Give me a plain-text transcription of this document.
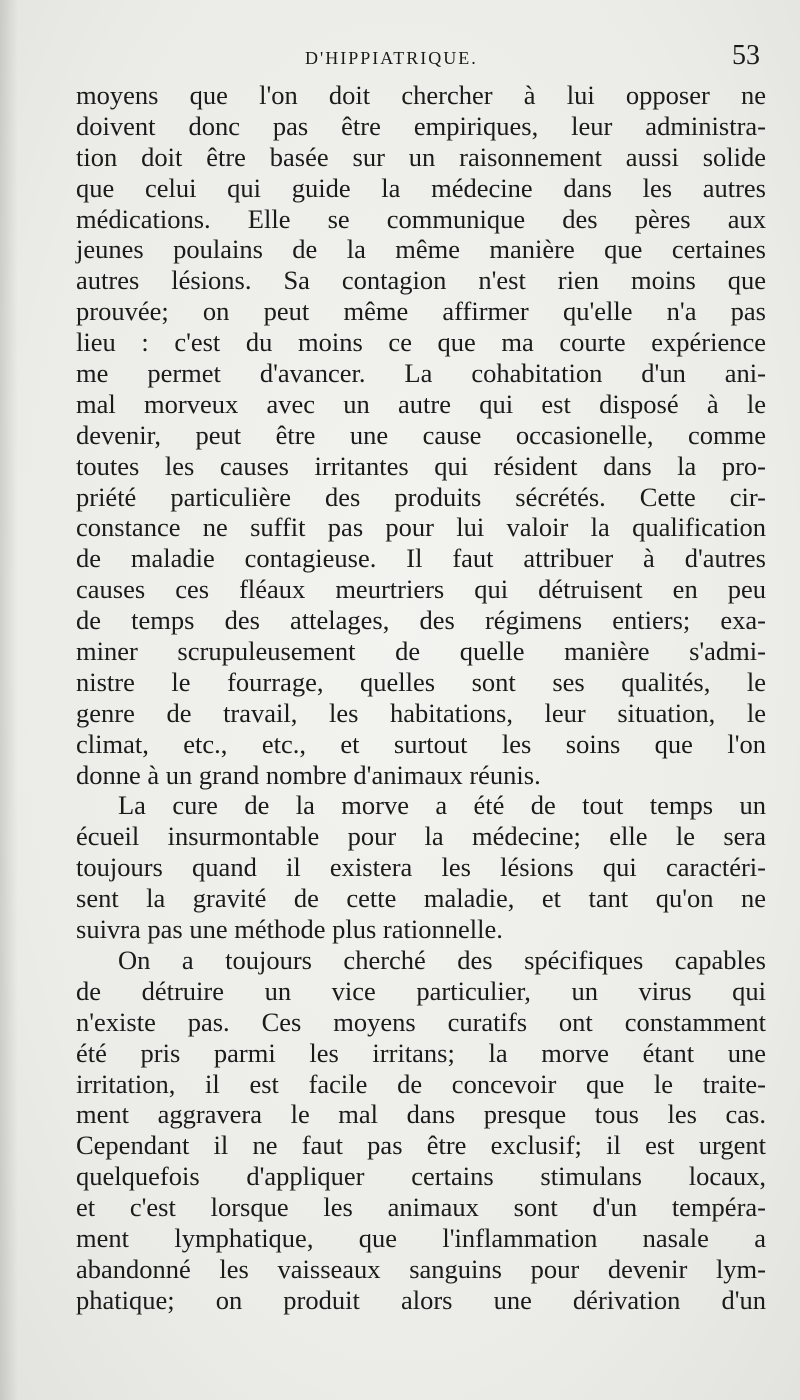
D'HIPPIATRIQUE.	53
moyens que l'on doit chercher à lui opposer ne
doivent donc pas être empiriques, leur administra-
tion doit être basée sur un raisonnement aussi solide
que celui qui guide la médecine dans les autres
médications. Elle se communique des pères aux
jeunes poulains de la même manière que certaines
autres lésions. Sa contagion n'est rien moins que
prouvée; on peut même affirmer qu'elle n'a pas
lieu : c'est du moins ce que ma courte expérience
me permet d'avancer. La cohabitation d'un ani-
mal morveux avec un autre qui est disposé à le
devenir, peut être une cause occasionelle, comme
toutes les causes irritantes qui résident dans la pro-
priété particulière des produits sécrétés. Cette cir-
constance ne suffit pas pour lui valoir la qualification
de maladie contagieuse. Il faut attribuer à d'autres
causes ces fléaux meurtriers qui détruisent en peu
de temps des attelages, des régimens entiers; exa-
miner scrupuleusement de quelle manière s'admi-
nistre le fourrage, quelles sont ses qualités, le
genre de travail, les habitations, leur situation, le
climat, etc., etc., et surtout les soins que l'on
donne à un grand nombre d'animaux réunis.
La cure de la morve a été de tout temps un
écueil insurmontable pour la médecine; elle le sera
toujours quand il existera les lésions qui caractéri-
sent la gravité de cette maladie, et tant qu'on ne
suivra pas une méthode plus rationnelle.
On a toujours cherché des spécifiques capables
de détruire un vice particulier, un virus qui
n'existe pas. Ces moyens curatifs ont constamment
été pris parmi les irritans; la morve étant une
irritation, il est facile de concevoir que le traite-
ment aggravera le mal dans presque tous les cas.
Cependant il ne faut pas être exclusif; il est urgent
quelquefois d'appliquer certains stimulans locaux,
et c'est lorsque les animaux sont d'un tempéra-
ment lymphatique, que l'inflammation nasale a
abandonné les vaisseaux sanguins pour devenir lym-
phatique; on produit alors une dérivation d'un
